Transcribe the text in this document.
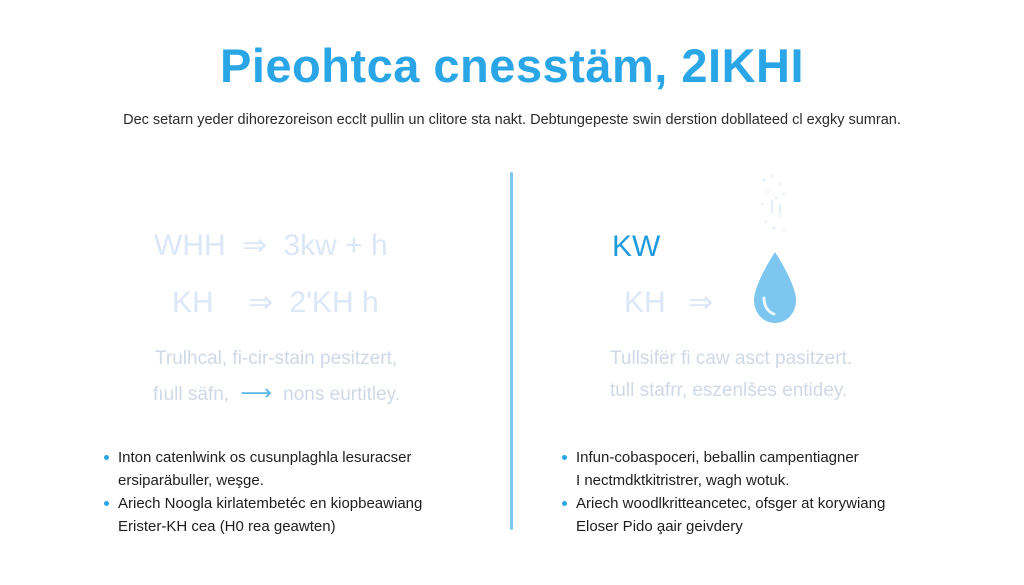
Pieohtca cnesstäm, 2IKHI
Dec setarn yeder dihorezoreison ecclt pullin un clitore sta nakt. Debtungepeste swin derstion dobllateed cl exgky sumran.
WHH ⇒ 3kw + h
KH ⇒ 2'KH h
Trulhcal, fi-cir-stain pesitzert,
fıull säfn, ⟶ nons eurtitley.
Inton catenlwink os cusunplaghla lesuracser
ersiparäbuller, weşge.
Ariech Noogla kirlatembetéc en kiopbeawiang
Erister-KH cea (H0 rea geawten)
KW
KH ⇒
Tullsifër fi caw asct pasitzert.
tull stafrr, eszenlšes entidey.
Infun-cobaspoceri, beballin campentiagner
I nectmdktkitristrer, wagh wotuk.
Ariech woodlkritteancetec, ofsger at korywiang
Eloser Pido a̧air geivdery
